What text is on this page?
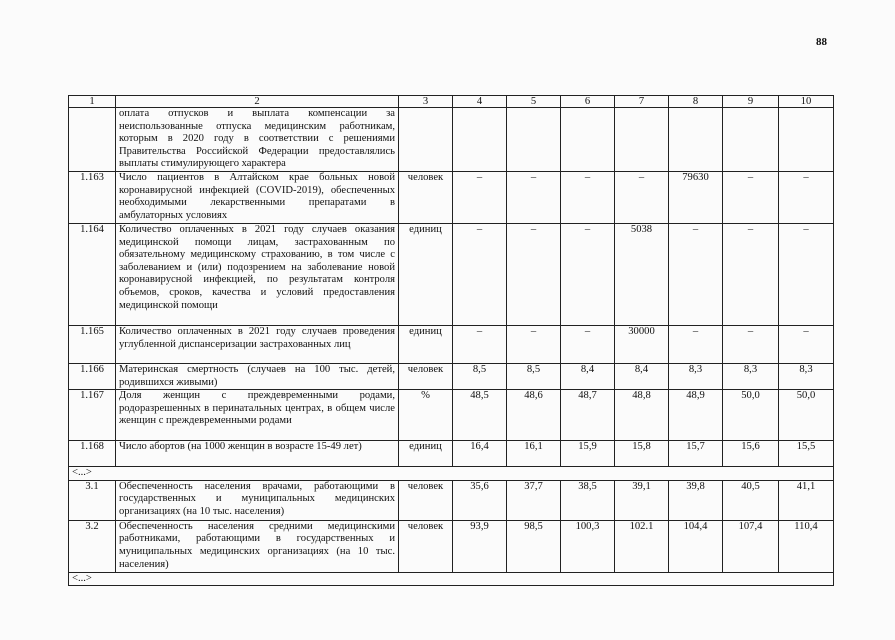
88
1	2	3	4	5	6	7	8	9	10
	оплата отпусков и выплата компенсации за неиспользованные отпуска медицинским работникам, которым в 2020 году в соответствии с решениями Правительства Российской Федерации предоставлялись выплаты стимулирующего характера								
1.163	Число пациентов в Алтайском крае больных новой коронавирусной инфекцией (COVID-2019), обеспеченных необходимыми лекарственными препаратами в амбулаторных условиях	человек	–	–	–	–	79630	–	–
1.164	Количество оплаченных в 2021 году случаев оказания медицинской помощи лицам, застрахованным по обязательному медицинскому страхованию, в том числе с заболеванием и (или) подозрением на заболевание новой коронавирусной инфекцией, по результатам контроля объемов, сроков, качества и условий предоставления медицинской помощи	единиц	–	–	–	5038	–	–	–
1.165	Количество оплаченных в 2021 году случаев проведения углубленной диспансеризации застрахованных лиц	единиц	–	–	–	30000	–	–	–
1.166	Материнская смертность (случаев на 100 тыс. детей, родившихся живыми)	человек	8,5	8,5	8,4	8,4	8,3	8,3	8,3
1.167	Доля женщин с преждевременными родами, родоразрешенных в перинатальных центрах, в общем числе женщин с преждевременными родами	%	48,5	48,6	48,7	48,8	48,9	50,0	50,0
1.168	Число абортов (на 1000 женщин в возрасте 15-49 лет)	единиц	16,4	16,1	15,9	15,8	15,7	15,6	15,5
<...>									
3.1	Обеспеченность населения врачами, работающими в государственных и муниципальных медицинских организациях (на 10 тыс. населения)	человек	35,6	37,7	38,5	39,1	39,8	40,5	41,1
3.2	Обеспеченность населения средними медицинскими работниками, работающими в государственных и муниципальных медицинских организациях (на 10 тыс. населения)	человек	93,9	98,5	100,3	102.1	104,4	107,4	110,4
<...>									
